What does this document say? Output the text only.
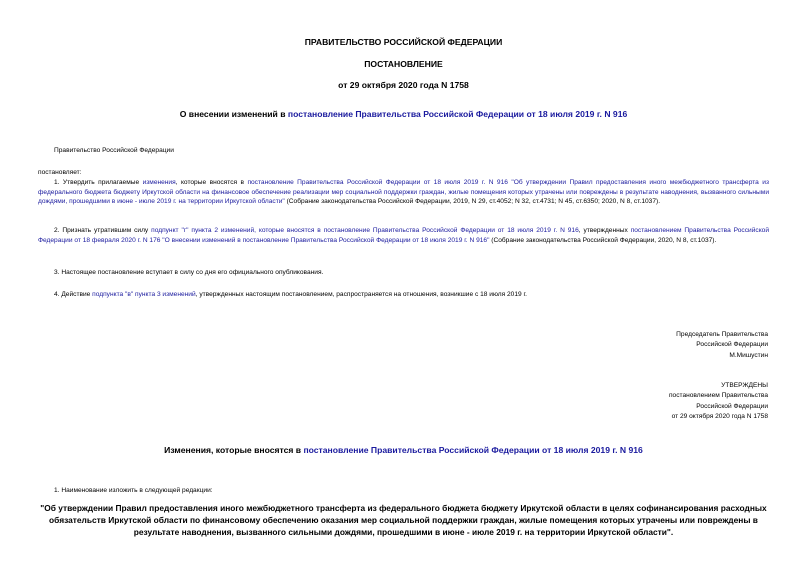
ПРАВИТЕЛЬСТВО РОССИЙСКОЙ ФЕДЕРАЦИИ
ПОСТАНОВЛЕНИЕ
от 29 октября 2020 года N 1758
О внесении изменений в постановление Правительства Российской Федерации от 18 июля 2019 г. N 916
Правительство Российской Федерации
постановляет:
1. Утвердить прилагаемые изменения, которые вносятся в постановление Правительства Российской Федерации от 18 июля 2019 г. N 916 "Об утверждении Правил предоставления иного межбюджетного трансферта из федерального бюджета бюджету Иркутской области на финансовое обеспечение реализации мер социальной поддержки граждан, жилые помещения которых утрачены или повреждены в результате наводнения, вызванного сильными дождями, прошедшими в июне - июле 2019 г. на территории Иркутской области" (Собрание законодательства Российской Федерации, 2019, N 29, ст.4052; N 32, ст.4731; N 45, ст.6350; 2020, N 8, ст.1037).
2. Признать утратившим силу подпункт "г" пункта 2 изменений, которые вносятся в постановление Правительства Российской Федерации от 18 июля 2019 г. N 916, утвержденных постановлением Правительства Российской Федерации от 18 февраля 2020 г. N 176 "О внесении изменений в постановление Правительства Российской Федерации от 18 июля 2019 г. N 916" (Собрание законодательства Российской Федерации, 2020, N 8, ст.1037).
3. Настоящее постановление вступает в силу со дня его официального опубликования.
4. Действие подпункта "в" пункта 3 изменений, утвержденных настоящим постановлением, распространяется на отношения, возникшие с 18 июля 2019 г.
Председатель Правительства
Российской Федерации
М.Мишустин
УТВЕРЖДЕНЫ
постановлением Правительства
Российской Федерации
от 29 октября 2020 года N 1758
Изменения, которые вносятся в постановление Правительства Российской Федерации от 18 июля 2019 г. N 916
1. Наименование изложить в следующей редакции:
"Об утверждении Правил предоставления иного межбюджетного трансферта из федерального бюджета бюджету Иркутской области в целях софинансирования расходных обязательств Иркутской области по финансовому обеспечению оказания мер социальной поддержки граждан, жилые помещения которых утрачены или повреждены в результате наводнения, вызванного сильными дождями, прошедшими в июне - июле 2019 г. на территории Иркутской области".
